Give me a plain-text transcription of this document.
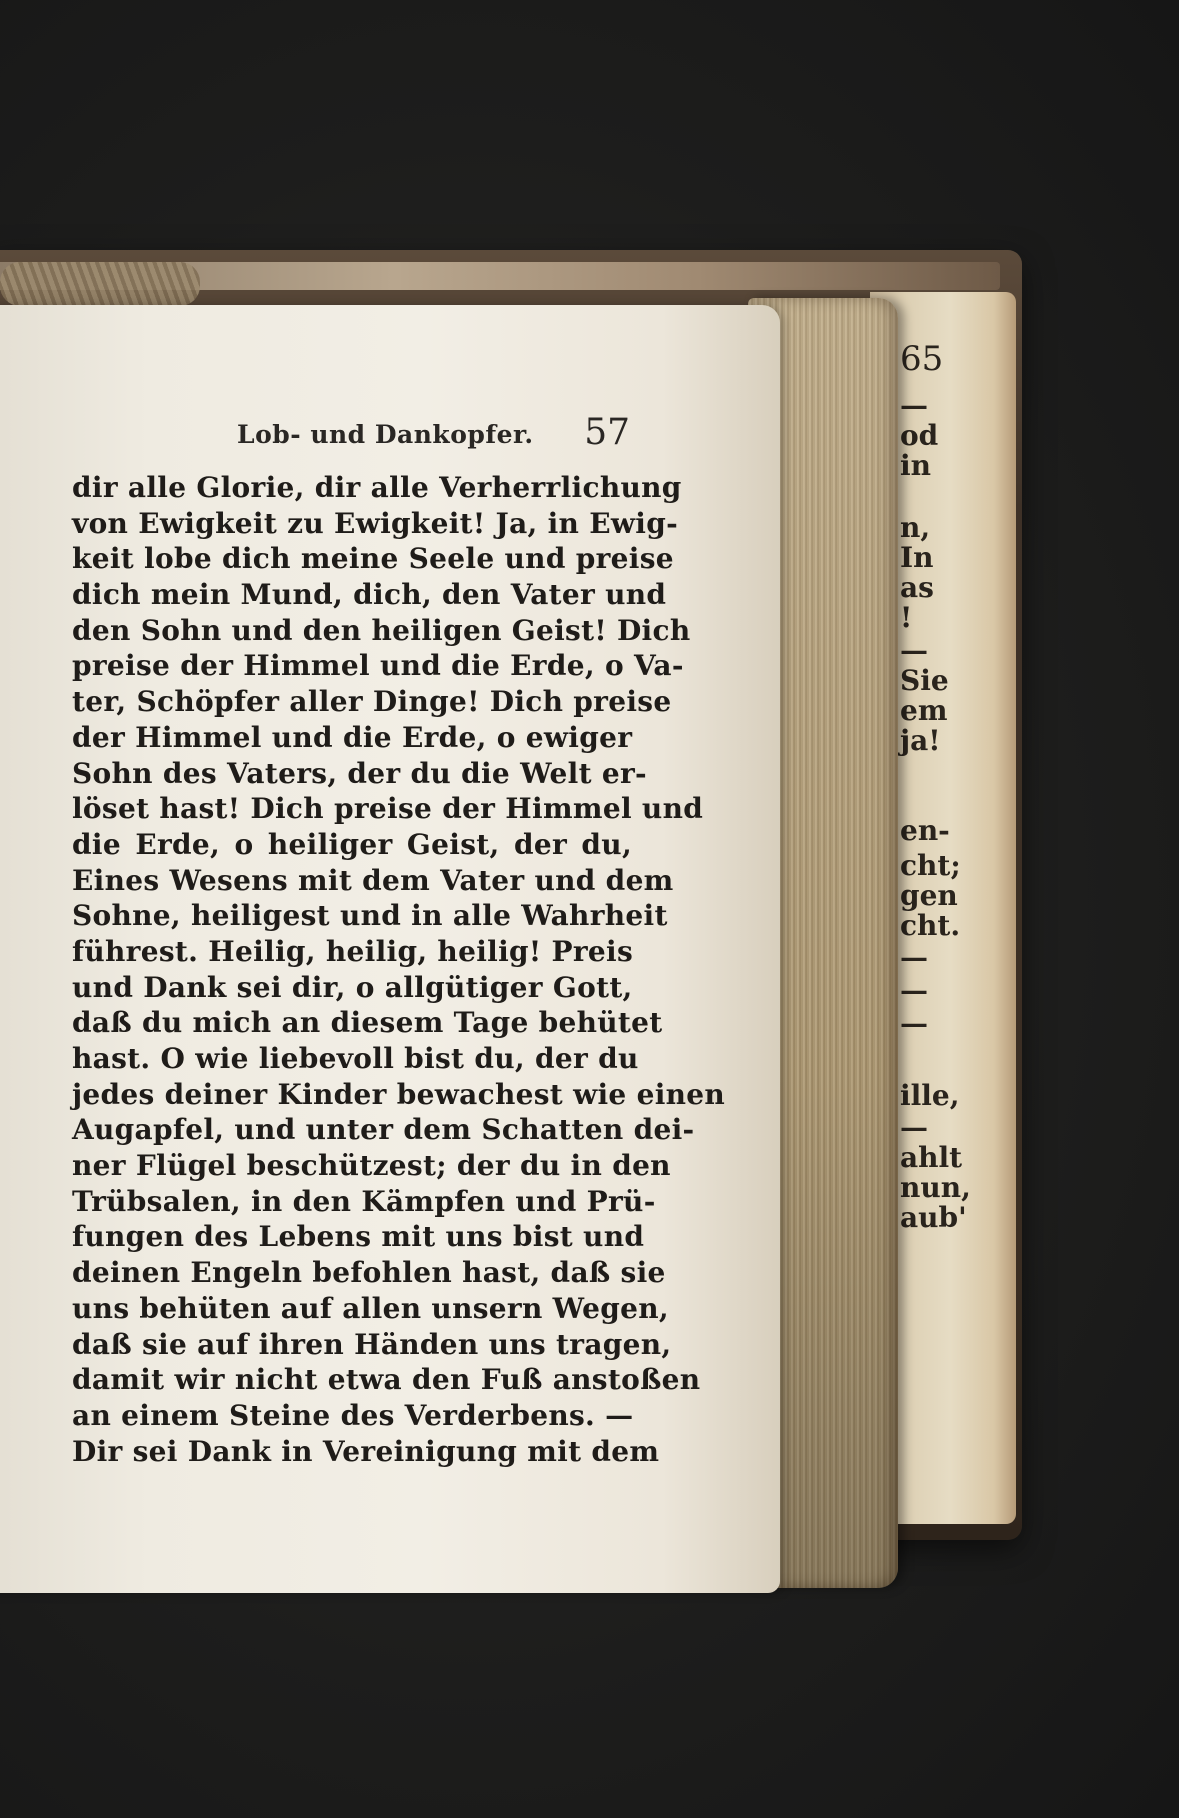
65
—
od
in
n,
In
as
!
—
Sie
em
ja!
en-
cht;
gen
cht.
—
—
—
ille,
—
ahlt
nun,
aub'
Lob- und Dankopfer. 57
dir alle Glorie, dir alle Verherrlichung
von Ewigkeit zu Ewigkeit! Ja, in Ewig-
keit lobe dich meine Seele und preise
dich mein Mund, dich, den Vater und
den Sohn und den heiligen Geist! Dich
preise der Himmel und die Erde, o Va-
ter, Schöpfer aller Dinge! Dich preise
der Himmel und die Erde, o ewiger
Sohn des Vaters, der du die Welt er-
löset hast! Dich preise der Himmel und
die Erde, o heiliger Geist, der du,
Eines Wesens mit dem Vater und dem
Sohne, heiligest und in alle Wahrheit
führest. Heilig, heilig, heilig! Preis
und Dank sei dir, o allgütiger Gott,
daß du mich an diesem Tage behütet
hast. O wie liebevoll bist du, der du
jedes deiner Kinder bewachest wie einen
Augapfel, und unter dem Schatten dei-
ner Flügel beschützest; der du in den
Trübsalen, in den Kämpfen und Prü-
fungen des Lebens mit uns bist und
deinen Engeln befohlen hast, daß sie
uns behüten auf allen unsern Wegen,
daß sie auf ihren Händen uns tragen,
damit wir nicht etwa den Fuß anstoßen
an einem Steine des Verderbens. —
Dir sei Dank in Vereinigung mit dem
